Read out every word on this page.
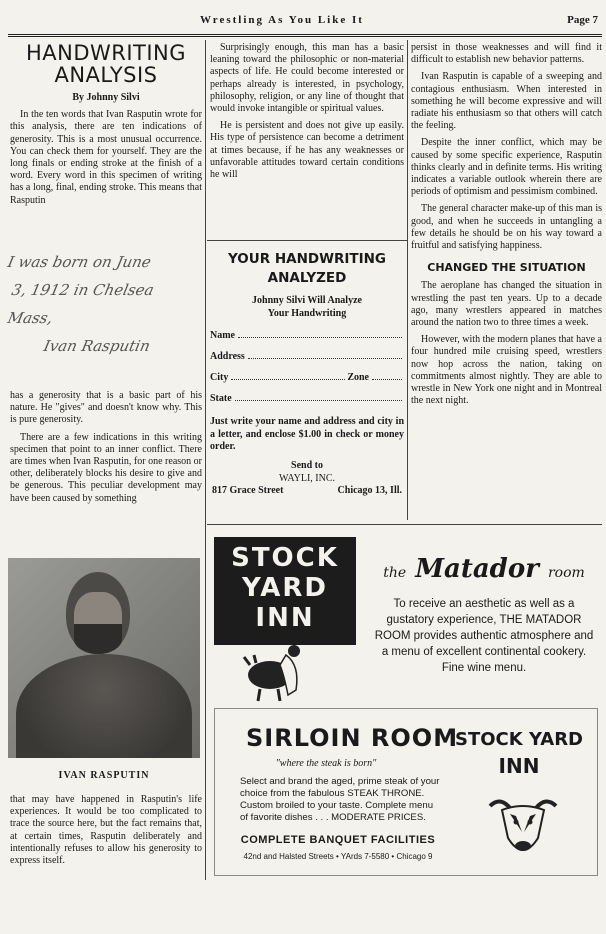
Wrestling As You Like It	Page 7
HANDWRITING ANALYSIS
By Johnny Silvi

In the ten words that Ivan Rasputin wrote for this analysis, there are ten indications of generosity. This is a most unusual occurrence. You can check them for yourself. They are the long finals or ending stroke at the finish of a word. Every word in this specimen of writing has a long, final, ending stroke. This means that Rasputin

I was born on June
3, 1912 in Chelsea
Mass,
Ivan Rasputin

has a generosity that is a basic part of his nature. He "gives" and doesn't know why. This is pure generosity.

There are a few indications in this writing specimen that point to an inner conflict. There are times when Ivan Rasputin, for one reason or other, deliberately blocks his desire to give and be generous. This peculiar development may have been caused by something

IVAN RASPUTIN

that may have happened in Rasputin's life experiences. It would be too complicated to trace the source here, but the fact remains that, at certain times, Rasputin deliberately and intentionally refuses to allow his generosity to express itself.

Surprisingly enough, this man has a basic leaning toward the philosophic or non-material aspects of life. He could become interested or perhaps already is interested, in psychology, philosophy, religion, or any line of thought that would invoke intangible or spiritual values.

He is persistent and does not give up easily. His type of persistence can become a detriment at times because, if he has any weaknesses or unfavorable attitudes toward certain conditions he will

YOUR HANDWRITING ANALYZED
Johnny Silvi Will Analyze
Your Handwriting
Name
Address
City	Zone
State
Just write your name and address and city in a letter, and enclose $1.00 in check or money order.
Send to
WAYLI, INC.
817 Grace Street	Chicago 13, Ill.

persist in those weaknesses and will find it difficult to establish new behavior patterns.

Ivan Rasputin is capable of a sweeping and contagious enthusiasm. When interested in something he will become expressive and will radiate his enthusiasm so that others will catch the feeling.

Despite the inner conflict, which may be caused by some specific experience, Rasputin thinks clearly and in definite terms. His writing indicates a variable outlook wherein there are periods of optimism and pessimism combined.

The general character make-up of this man is good, and when he succeeds in untangling a few details he should be on his way toward a fruitful and satisfying happiness.

CHANGED THE SITUATION

The aeroplane has changed the situation in wrestling the past ten years. Up to a decade ago, many wrestlers appeared in matches around the nation two to three times a week.

However, with the modern planes that have a four hundred mile cruising speed, wrestlers now hop across the nation, taking on commitments almost nightly. They are able to wrestle in New York one night and in Montreal the next night.

STOCK
YARD
INN
the Matador room
To receive an aesthetic as well as a gustatory experience, THE MATADOR ROOM provides authentic atmosphere and a menu of excellent continental cookery. Fine wine menu.
SIRLOIN ROOM
"where the steak is born"
Select and brand the aged, prime steak of your choice from the fabulous STEAK THRONE. Custom broiled to your taste. Complete menu of favorite dishes . . . MODERATE PRICES.
COMPLETE BANQUET FACILITIES
42nd and Halsted Streets • YArds 7-5580 • Chicago 9
STOCK YARD
INN
